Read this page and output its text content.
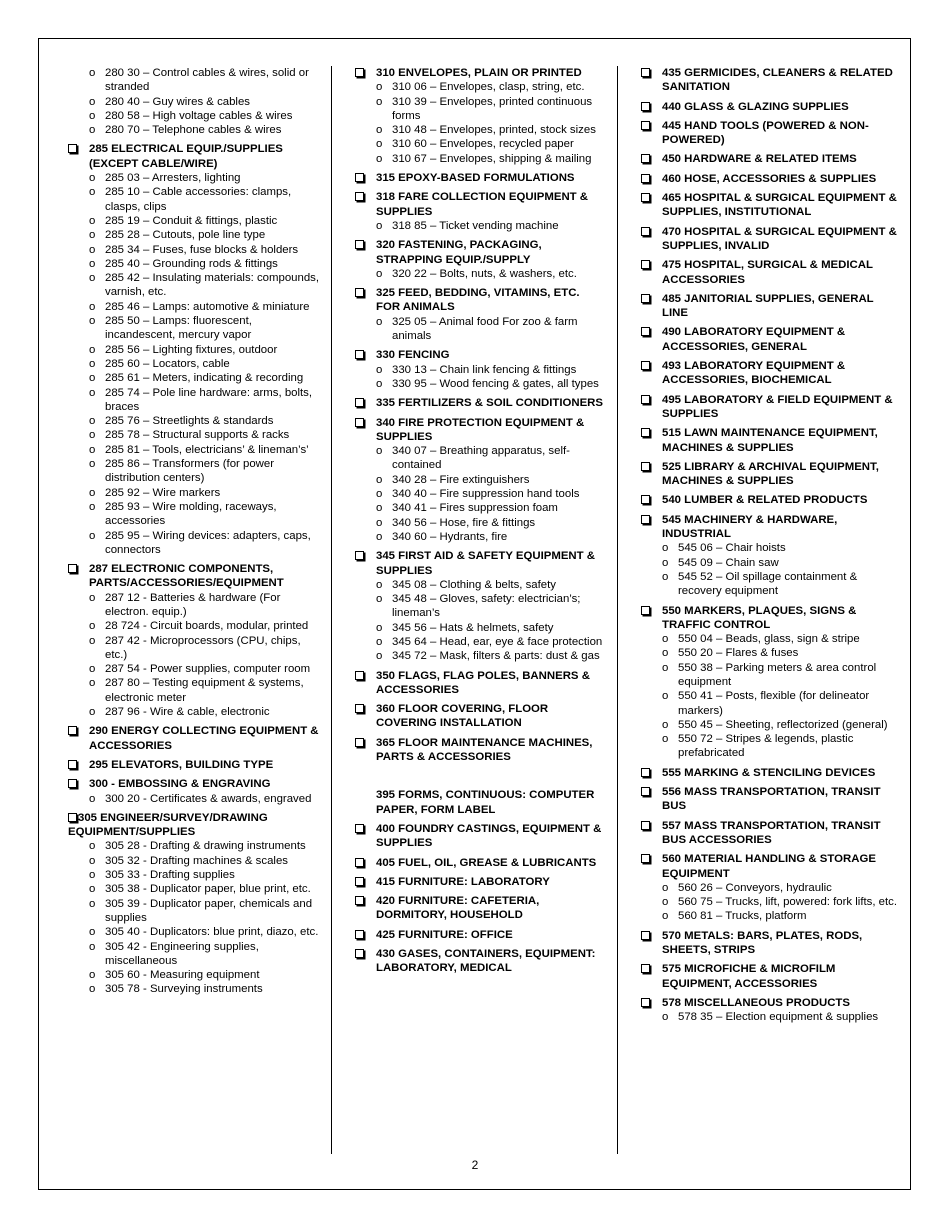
o 280 30 – Control cables & wires, solid or stranded
o 280 40 – Guy wires & cables
o 280 58 – High voltage cables & wires
o 280 70 – Telephone cables & wires
285 ELECTRICAL EQUIP./SUPPLIES (EXCEPT CABLE/WIRE)
o 285 03 – Arresters, lighting
o 285 10 – Cable accessories: clamps, clasps, clips
o 285 19 – Conduit & fittings, plastic
o 285 28 – Cutouts, pole line type
o 285 34 – Fuses, fuse blocks & holders
o 285 40 – Grounding rods & fittings
o 285 42 – Insulating materials: compounds, varnish, etc.
o 285 46 – Lamps: automotive & miniature
o 285 50 – Lamps: fluorescent, incandescent, mercury vapor
o 285 56 – Lighting fixtures, outdoor
o 285 60 – Locators, cable
o 285 61 – Meters, indicating & recording
o 285 74 – Pole line hardware: arms, bolts, braces
o 285 76 – Streetlights & standards
o 285 78 – Structural supports & racks
o 285 81 – Tools, electricians’ & lineman’s’
o 285 86 – Transformers (for power distribution centers)
o 285 92 – Wire markers
o 285 93 – Wire molding, raceways, accessories
o 285 95 – Wiring devices: adapters, caps, connectors
287 ELECTRONIC COMPONENTS, PARTS/ACCESSORIES/EQUIPMENT
o 287 12 - Batteries & hardware (For electron. equip.)
o 28 724 - Circuit boards, modular, printed
o 287 42 - Microprocessors (CPU, chips, etc.)
o 287 54 - Power supplies, computer room
o 287 80 – Testing equipment & systems, electronic meter
o 287 96 - Wire & cable, electronic
290 ENERGY COLLECTING EQUIPMENT & ACCESSORIES
295 ELEVATORS, BUILDING TYPE
300 - EMBOSSING & ENGRAVING
o 300 20 - Certificates & awards, engraved
305 ENGINEER/SURVEY/DRAWING EQUIPMENT/SUPPLIES
o 305 28 - Drafting & drawing instruments
o 305 32 - Drafting machines & scales
o 305 33 - Drafting supplies
o 305 38 - Duplicator paper, blue print, etc.
o 305 39 - Duplicator paper, chemicals and supplies
o 305 40 - Duplicators: blue print, diazo, etc.
o 305 42 - Engineering supplies, miscellaneous
o 305 60 - Measuring equipment
o 305 78 - Surveying instruments
310 ENVELOPES, PLAIN OR PRINTED
o 310 06 – Envelopes, clasp, string, etc.
o 310 39 – Envelopes, printed continuous forms
o 310 48 – Envelopes, printed, stock sizes
o 310 60 – Envelopes, recycled paper
o 310 67 – Envelopes, shipping & mailing
315 EPOXY-BASED FORMULATIONS
318 FARE COLLECTION EQUIPMENT & SUPPLIES
o 318 85 – Ticket vending machine
320 FASTENING, PACKAGING, STRAPPING EQUIP./SUPPLY
o 320 22 – Bolts, nuts, & washers, etc.
325 FEED, BEDDING, VITAMINS, ETC. FOR ANIMALS
o 325 05 – Animal food For zoo & farm animals
330 FENCING
o 330 13 – Chain link fencing & fittings
o 330 95 – Wood fencing & gates, all types
335 FERTILIZERS & SOIL CONDITIONERS
340 FIRE PROTECTION EQUIPMENT & SUPPLIES
o 340 07 – Breathing apparatus, self-contained
o 340 28 – Fire extinguishers
o 340 40 – Fire suppression hand tools
o 340 41 – Fires suppression foam
o 340 56 – Hose, fire & fittings
o 340 60 – Hydrants, fire
345 FIRST AID & SAFETY EQUIPMENT & SUPPLIES
o 345 08 – Clothing & belts, safety
o 345 48 – Gloves, safety: electrician’s; lineman’s
o 345 56 – Hats & helmets, safety
o 345 64 – Head, ear, eye & face protection
o 345 72 – Mask, filters & parts: dust & gas
350 FLAGS, FLAG POLES, BANNERS & ACCESSORIES
360 FLOOR COVERING, FLOOR COVERING INSTALLATION
365 FLOOR MAINTENANCE MACHINES, PARTS & ACCESSORIES
395 FORMS, CONTINUOUS: COMPUTER PAPER, FORM LABEL
400 FOUNDRY CASTINGS, EQUIPMENT & SUPPLIES
405 FUEL, OIL, GREASE & LUBRICANTS
415 FURNITURE: LABORATORY
420 FURNITURE: CAFETERIA, DORMITORY, HOUSEHOLD
425 FURNITURE: OFFICE
430 GASES, CONTAINERS, EQUIPMENT: LABORATORY, MEDICAL
435 GERMICIDES, CLEANERS & RELATED SANITATION
440 GLASS & GLAZING SUPPLIES
445 HAND TOOLS (POWERED & NON-POWERED)
450 HARDWARE & RELATED ITEMS
460 HOSE, ACCESSORIES & SUPPLIES
465 HOSPITAL & SURGICAL EQUIPMENT & SUPPLIES, INSTITUTIONAL
470 HOSPITAL & SURGICAL EQUIPMENT & SUPPLIES, INVALID
475 HOSPITAL, SURGICAL & MEDICAL ACCESSORIES
485 JANITORIAL SUPPLIES, GENERAL LINE
490 LABORATORY EQUIPMENT & ACCESSORIES, GENERAL
493 LABORATORY EQUIPMENT & ACCESSORIES, BIOCHEMICAL
495 LABORATORY & FIELD EQUIPMENT & SUPPLIES
515 LAWN MAINTENANCE EQUIPMENT, MACHINES & SUPPLIES
525 LIBRARY & ARCHIVAL EQUIPMENT, MACHINES & SUPPLIES
540 LUMBER & RELATED PRODUCTS
545 MACHINERY & HARDWARE, INDUSTRIAL
o 545 06 – Chair hoists
o 545 09 – Chain saw
o 545 52 – Oil spillage containment & recovery equipment
550 MARKERS, PLAQUES, SIGNS & TRAFFIC CONTROL
o 550 04 – Beads, glass, sign & stripe
o 550 20 – Flares & fuses
o 550 38 – Parking meters & area control equipment
o 550 41 – Posts, flexible (for delineator markers)
o 550 45 – Sheeting, reflectorized (general)
o 550 72 – Stripes & legends, plastic prefabricated
555 MARKING & STENCILING DEVICES
556 MASS TRANSPORTATION, TRANSIT BUS
557 MASS TRANSPORTATION, TRANSIT BUS ACCESSORIES
560 MATERIAL HANDLING & STORAGE EQUIPMENT
o 560 26 – Conveyors, hydraulic
o 560 75 – Trucks, lift, powered: fork lifts, etc.
o 560 81 – Trucks, platform
570 METALS: BARS, PLATES, RODS, SHEETS, STRIPS
575 MICROFICHE & MICROFILM EQUIPMENT, ACCESSORIES
578 MISCELLANEOUS PRODUCTS
o 578 35 – Election equipment & supplies
2
